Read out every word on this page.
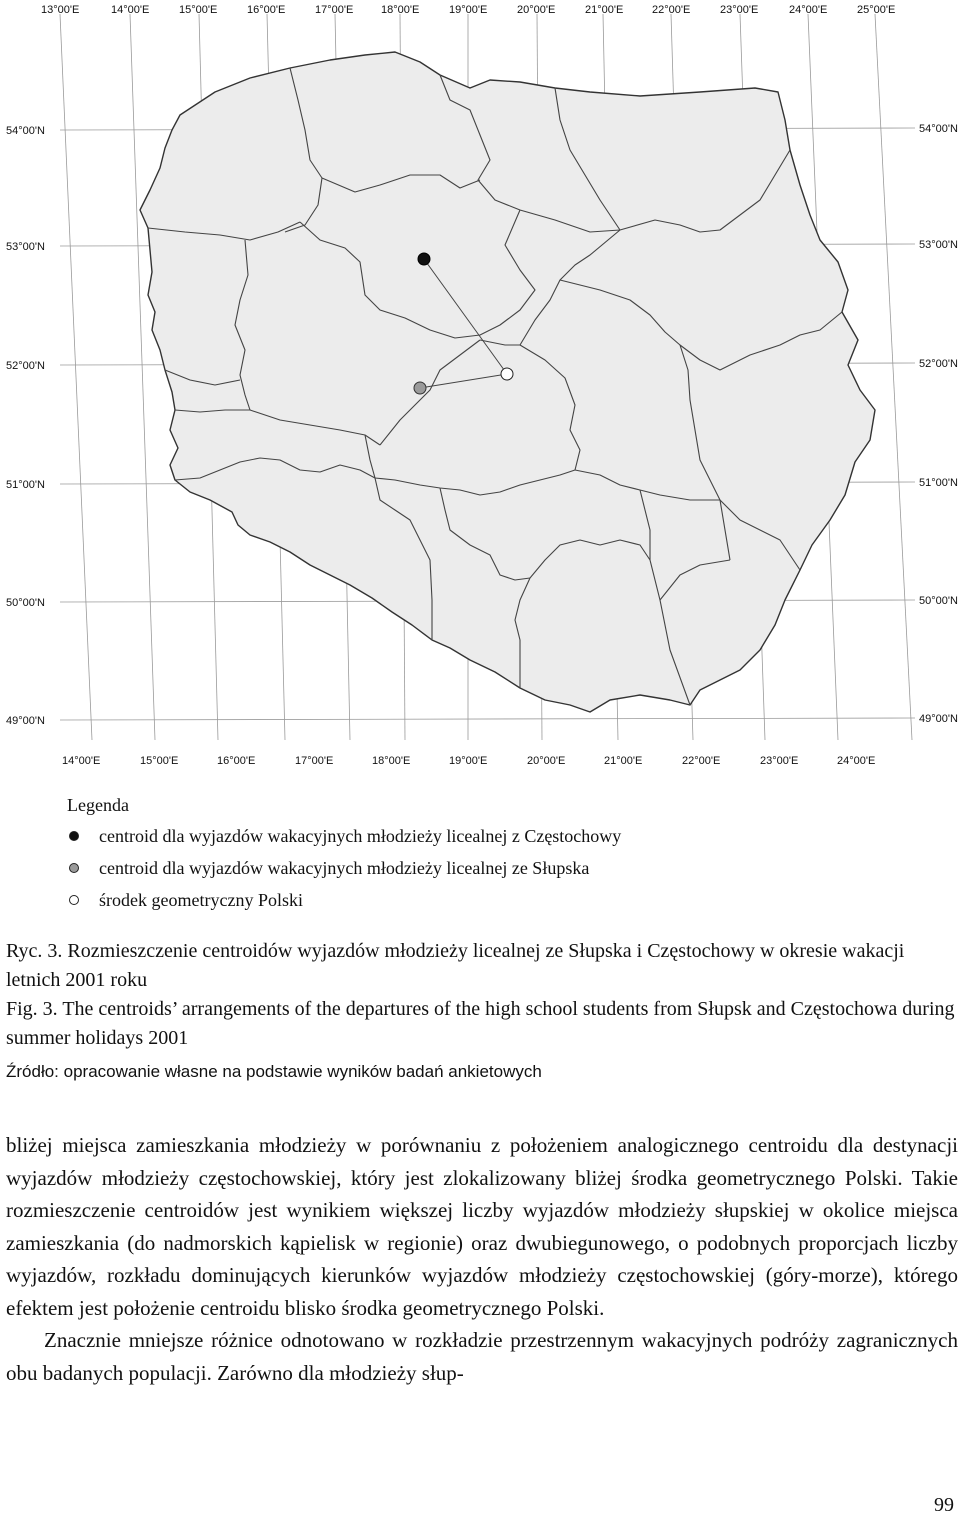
13°00'E	14°00'E	15°00'E	16°00'E	17°00'E	18°00'E	19°00'E	20°00'E	21°00'E	22°00'E	23°00'E	24°00'E	25°00'E
14°00'E	15°00'E	16°00'E	17°00'E	18°00'E	19°00'E	20°00'E	21°00'E	22°00'E	23°00'E	24°00'E
54°00'N
53°00'N
52°00'N
51°00'N
50°00'N
49°00'N
54°00'N
53°00'N
52°00'N
51°00'N
50°00'N
49°00'N
Legenda
centroid dla wyjazdów wakacyjnych młodzieży licealnej z Częstochowy
centroid dla wyjazdów wakacyjnych młodzieży licealnej ze Słupska
środek geometryczny Polski

Ryc. 3. Rozmieszczenie centroidów wyjazdów młodzieży licealnej ze Słupska i Częstochowy w okresie wakacji letnich 2001 roku

Fig. 3. The centroids’ arrangements of the departures of the high school students from Słupsk and Częstochowa during summer holidays 2001

Źródło: opracowanie własne na podstawie wyników badań ankietowych

bliżej miejsca zamieszkania młodzieży w porównaniu z położeniem analogicznego centroidu dla destynacji wyjazdów młodzieży częstochowskiej, który jest zlokalizowany bliżej środka geometrycznego Polski. Takie rozmieszczenie centroidów jest wynikiem większej liczby wyjazdów młodzieży słupskiej w okolice miejsca zamieszkania (do nadmorskich kąpielisk w regionie) oraz dwubiegunowego, o podobnych proporcjach liczby wyjazdów, rozkładu dominujących kierunków wyjazdów młodzieży częstochowskiej (góry-morze), którego efektem jest położenie centroidu blisko środka geometrycznego Polski.

Znacznie mniejsze różnice odnotowano w rozkładzie przestrzennym wakacyjnych podróży zagranicznych obu badanych populacji. Zarówno dla młodzieży słup-

99
